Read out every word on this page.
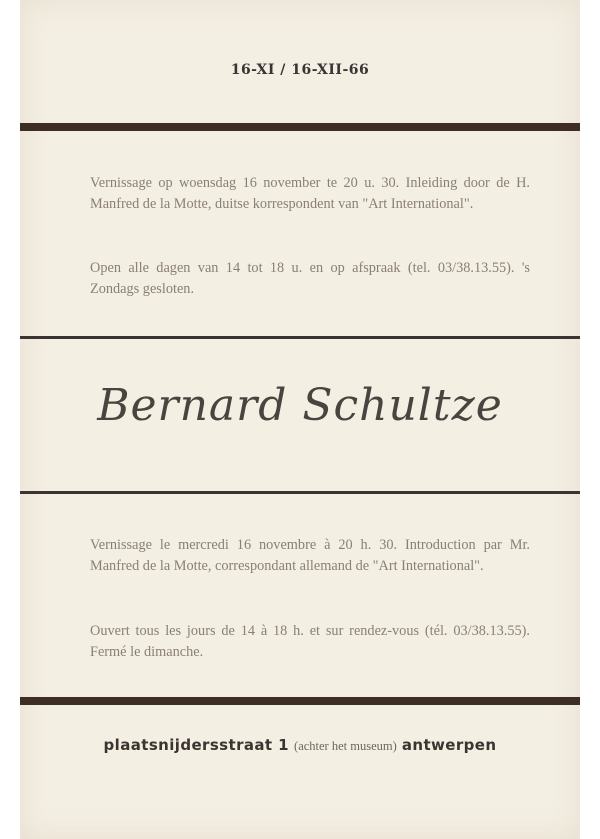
16-XI / 16-XII-66

Vernissage op woensdag 16 november te 20 u. 30. Inleiding door de H. Manfred de la Motte, duitse korrespondent van "Art International".

Open alle dagen van 14 tot 18 u. en op afspraak (tel. 03/38.13.55). 's Zondags gesloten.

Bernard Schultze

Vernissage le mercredi 16 novembre à 20 h. 30. Introduction par Mr. Manfred de la Motte, correspondant allemand de "Art International".

Ouvert tous les jours de 14 à 18 h. et sur rendez-vous (tél. 03/38.13.55). Fermé le dimanche.

plaatsnijdersstraat 1 (achter het museum) antwerpen
